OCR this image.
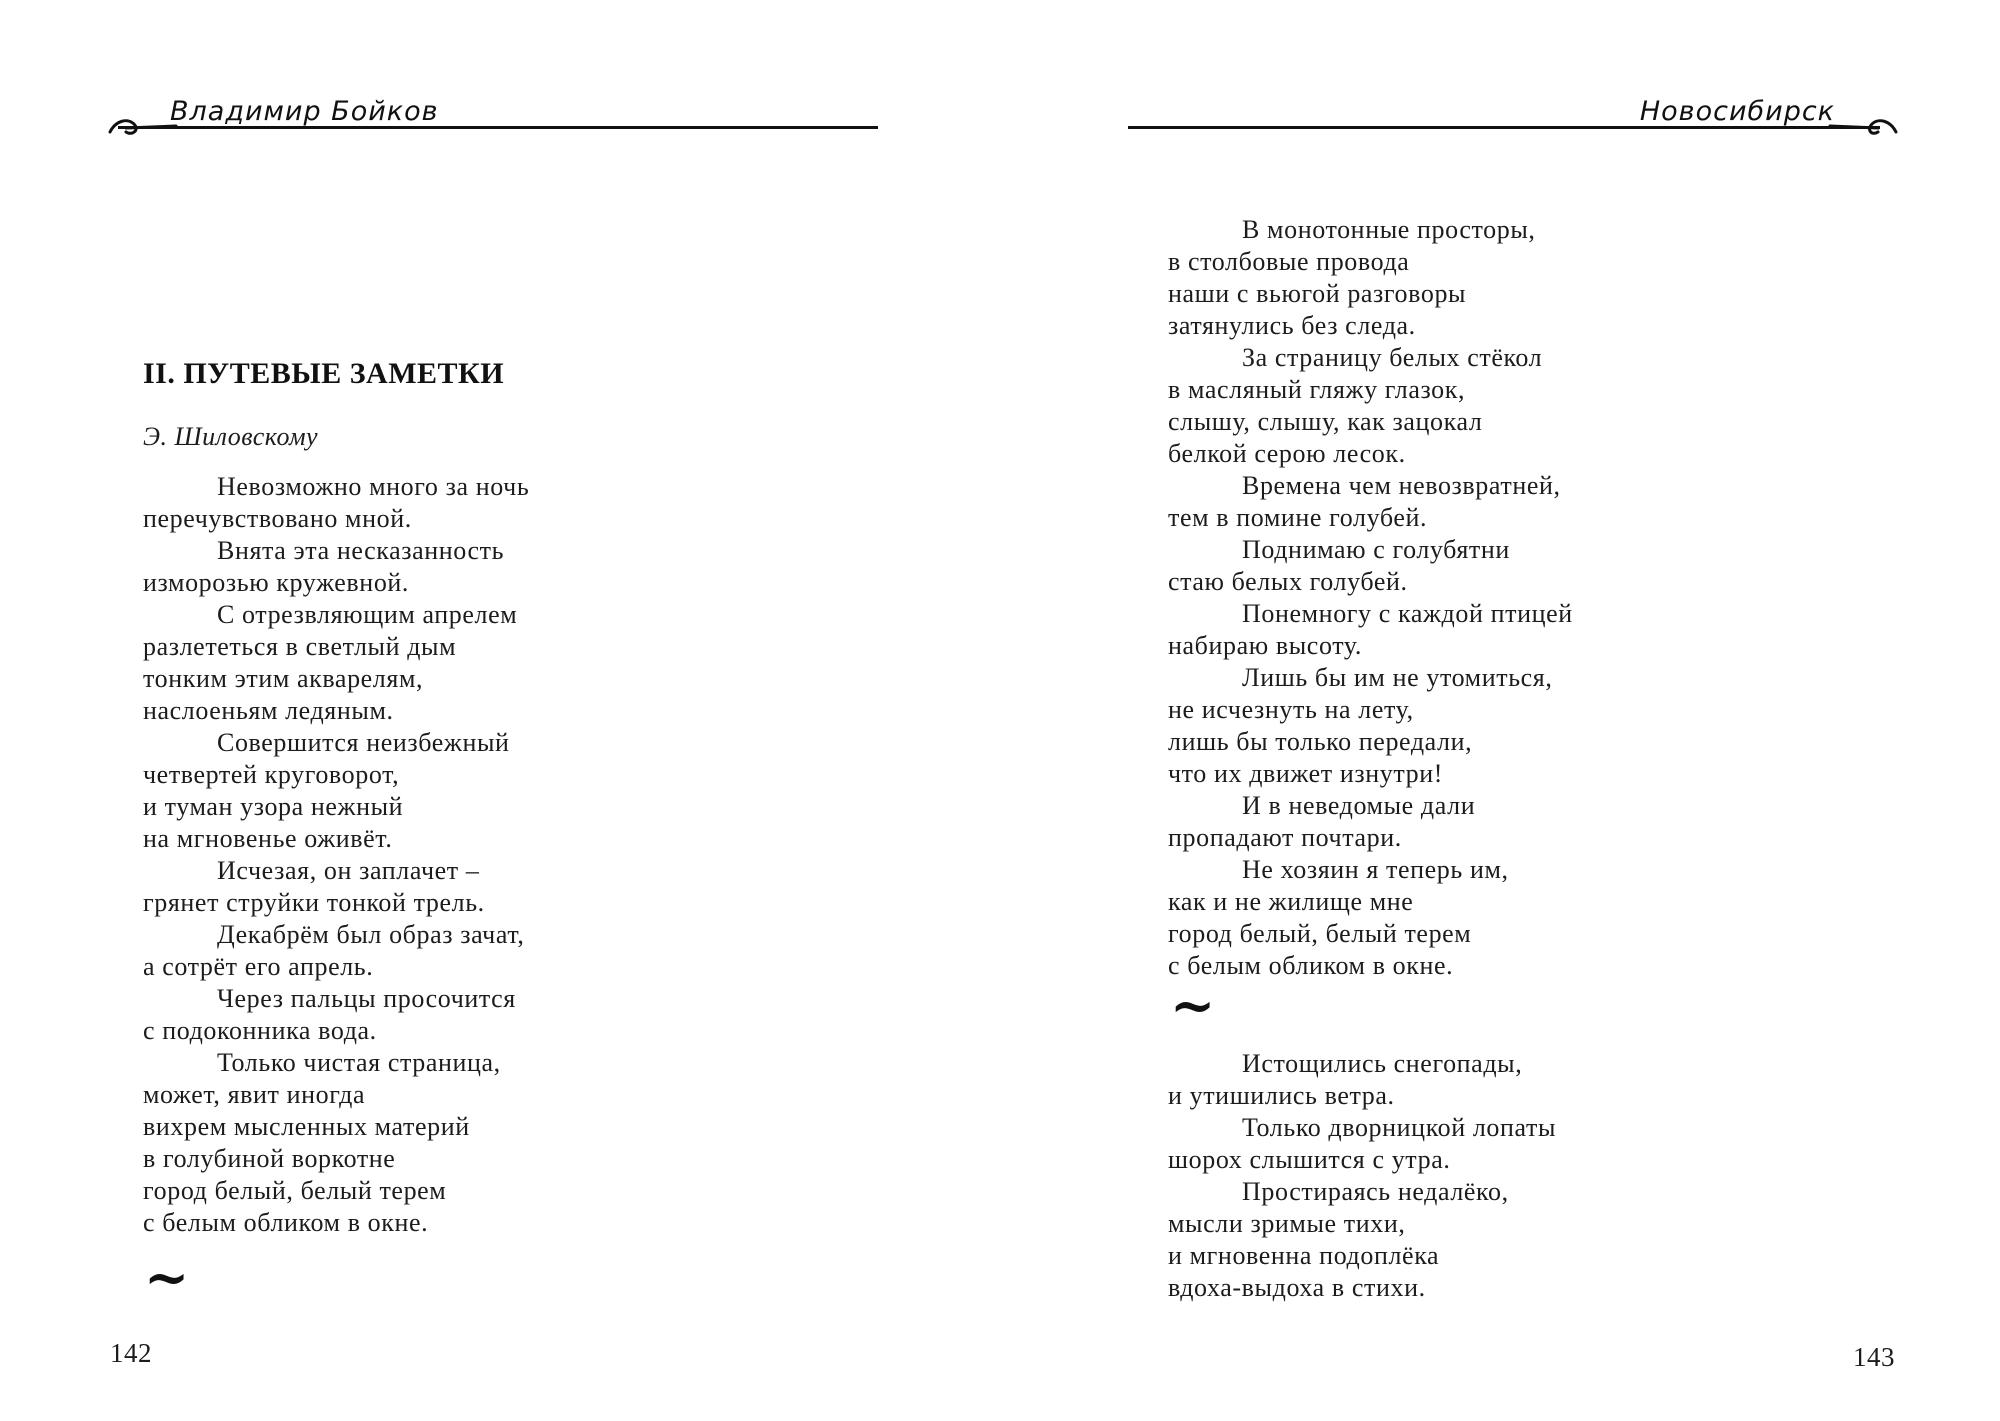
Владимир Бойков
II. ПУТЕВЫЕ ЗАМЕТКИ
Э. Шиловскому
Невозможно много за ночь
перечувствовано мной.
Внята эта несказанность
изморозью кружевной.
С отрезвляющим апрелем
разлететься в светлый дым
тонким этим акварелям,
наслоеньям ледяным.
Совершится неизбежный
четвертей круговорот,
и туман узора нежный
на мгновенье оживёт.
Исчезая, он заплачет –
грянет струйки тонкой трель.
Декабрём был образ зачат,
а сотрёт его апрель.
Через пальцы просочится
с подоконника вода.
Только чистая страница,
может, явит иногда
вихрем мысленных материй
в голубиной воркотне
город белый, белый терем
с белым обликом в окне.
~
142
Новосибирск
В монотонные просторы,
в столбовые провода
наши с вьюгой разговоры
затянулись без следа.
За страницу белых стёкол
в масляный гляжу глазок,
слышу, слышу, как зацокал
белкой серою лесок.
Времена чем невозвратней,
тем в помине голубей.
Поднимаю с голубятни
стаю белых голубей.
Понемногу с каждой птицей
набираю высоту.
Лишь бы им не утомиться,
не исчезнуть на лету,
лишь бы только передали,
что их движет изнутри!
И в неведомые дали
пропадают почтари.
Не хозяин я теперь им,
как и не жилище мне
город белый, белый терем
с белым обликом в окне.
~
Истощились снегопады,
и утишились ветра.
Только дворницкой лопаты
шорох слышится с утра.
Простираясь недалёко,
мысли зримые тихи,
и мгновенна подоплёка
вдоха-выдоха в стихи.
143
